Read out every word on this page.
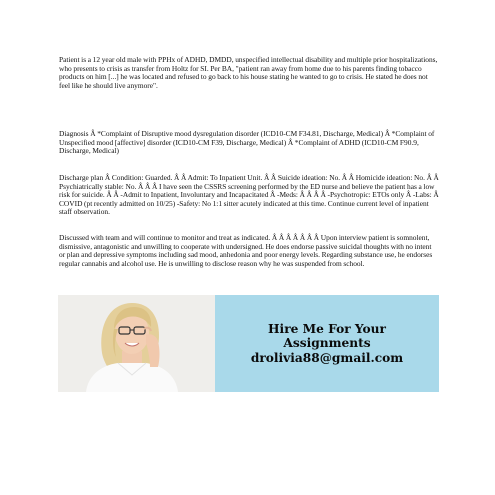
Patient is a 12 year old male with PPHx of ADHD, DMDD, unspecified intellectual disability and multiple prior hospitalizations, who presents to crisis as transfer from Holtz for SI. Per BA, "patient ran away from home due to his parents finding tobacco products on him [...] he was located and refused to go back to his house stating he wanted to go to crisis. He stated he does not feel like he should live anymore".

Diagnosis Â *Complaint of Disruptive mood dysregulation disorder (ICD10-CM F34.81, Discharge, Medical) Â *Complaint of Unspecified mood [affective] disorder (ICD10-CM F39, Discharge, Medical) Â *Complaint of ADHD (ICD10-CM F90.9, Discharge, Medical)

Discharge plan Â Condition: Guarded. Â Â Admit: To Inpatient Unit. Â Â Suicide ideation: No. Â Â Homicide ideation: No. Â Â Psychiatrically stable: No. Â Â Â I have seen the CSSRS screening performed by the ED nurse and believe the patient has a low risk for suicide. Â Â -Admit to Inpatient, Involuntary and Incapacitated Â -Meds: Â Â Â Â -Psychotropic: ETOs only Â -Labs: Â COVID (pt recently admitted on 10/25) -Safety: No 1:1 sitter acutely indicated at this time. Continue current level of inpatient staff observation.

Discussed with team and will continue to monitor and treat as indicated. Â Â Â Â Â Â Â Upon interview patient is somnolent, dismissive, antagonistic and unwilling to cooperate with undersigned. He does endorse passive suicidal thoughts with no intent or plan and depressive symptoms including sad mood, anhedonia and poor energy levels. Regarding substance use, he endorses regular cannabis and alcohol use. He is unwilling to disclose reason why he was suspended from school.

Hire Me For Your
Assignments
drolivia88@gmail.com
